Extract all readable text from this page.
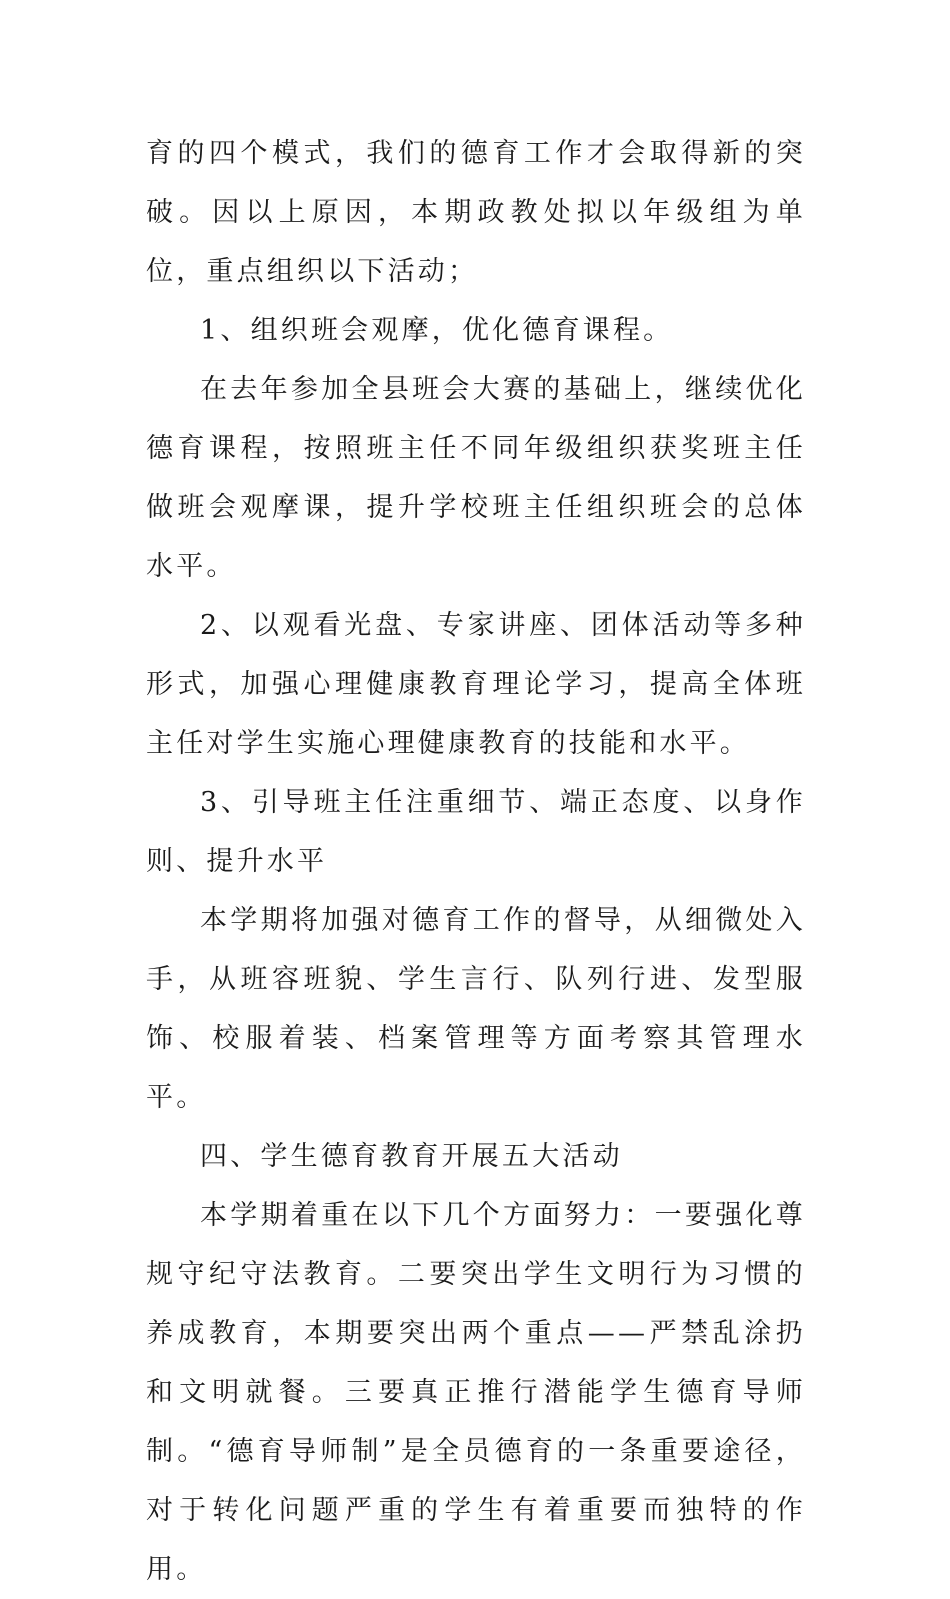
育的四个模式，我们的德育工作才会取得新的突破。因以上原因，本期政教处拟以年级组为单位，重点组织以下活动；

1、组织班会观摩，优化德育课程。

在去年参加全县班会大赛的基础上，继续优化德育课程，按照班主任不同年级组织获奖班主任做班会观摩课，提升学校班主任组织班会的总体水平。

2、以观看光盘、专家讲座、团体活动等多种形式，加强心理健康教育理论学习，提高全体班主任对学生实施心理健康教育的技能和水平。

3、引导班主任注重细节、端正态度、以身作则、提升水平

本学期将加强对德育工作的督导，从细微处入手，从班容班貌、学生言行、队列行进、发型服饰、校服着装、档案管理等方面考察其管理水平。

四、学生德育教育开展五大活动

本学期着重在以下几个方面努力：一要强化尊规守纪守法教育。二要突出学生文明行为习惯的养成教育，本期要突出两个重点——严禁乱涂扔和文明就餐。三要真正推行潜能学生德育导师制。“德育导师制”是全员德育的一条重要途径，对于转化问题严重的学生有着重要而独特的作用。
